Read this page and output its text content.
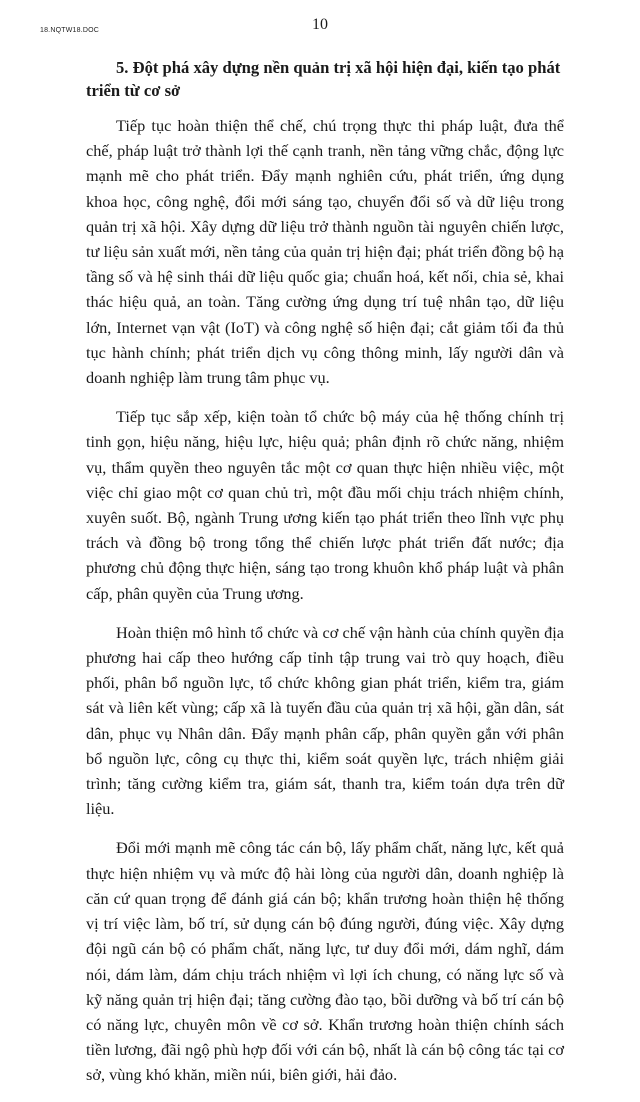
18.NQTW18.DOC	10

5. Đột phá xây dựng nền quản trị xã hội hiện đại, kiến tạo phát triển từ cơ sở

Tiếp tục hoàn thiện thể chế, chú trọng thực thi pháp luật, đưa thể chế, pháp luật trở thành lợi thế cạnh tranh, nền tảng vững chắc, động lực mạnh mẽ cho phát triển. Đẩy mạnh nghiên cứu, phát triển, ứng dụng khoa học, công nghệ, đổi mới sáng tạo, chuyển đổi số và dữ liệu trong quản trị xã hội. Xây dựng dữ liệu trở thành nguồn tài nguyên chiến lược, tư liệu sản xuất mới, nền tảng của quản trị hiện đại; phát triển đồng bộ hạ tầng số và hệ sinh thái dữ liệu quốc gia; chuẩn hoá, kết nối, chia sẻ, khai thác hiệu quả, an toàn. Tăng cường ứng dụng trí tuệ nhân tạo, dữ liệu lớn, Internet vạn vật (IoT) và công nghệ số hiện đại; cắt giảm tối đa thủ tục hành chính; phát triển dịch vụ công thông minh, lấy người dân và doanh nghiệp làm trung tâm phục vụ.

Tiếp tục sắp xếp, kiện toàn tổ chức bộ máy của hệ thống chính trị tinh gọn, hiệu năng, hiệu lực, hiệu quả; phân định rõ chức năng, nhiệm vụ, thẩm quyền theo nguyên tắc một cơ quan thực hiện nhiều việc, một việc chỉ giao một cơ quan chủ trì, một đầu mối chịu trách nhiệm chính, xuyên suốt. Bộ, ngành Trung ương kiến tạo phát triển theo lĩnh vực phụ trách và đồng bộ trong tổng thể chiến lược phát triển đất nước; địa phương chủ động thực hiện, sáng tạo trong khuôn khổ pháp luật và phân cấp, phân quyền của Trung ương.

Hoàn thiện mô hình tổ chức và cơ chế vận hành của chính quyền địa phương hai cấp theo hướng cấp tỉnh tập trung vai trò quy hoạch, điều phối, phân bổ nguồn lực, tổ chức không gian phát triển, kiểm tra, giám sát và liên kết vùng; cấp xã là tuyến đầu của quản trị xã hội, gần dân, sát dân, phục vụ Nhân dân. Đẩy mạnh phân cấp, phân quyền gắn với phân bổ nguồn lực, công cụ thực thi, kiểm soát quyền lực, trách nhiệm giải trình; tăng cường kiểm tra, giám sát, thanh tra, kiểm toán dựa trên dữ liệu.

Đổi mới mạnh mẽ công tác cán bộ, lấy phẩm chất, năng lực, kết quả thực hiện nhiệm vụ và mức độ hài lòng của người dân, doanh nghiệp là căn cứ quan trọng để đánh giá cán bộ; khẩn trương hoàn thiện hệ thống vị trí việc làm, bố trí, sử dụng cán bộ đúng người, đúng việc. Xây dựng đội ngũ cán bộ có phẩm chất, năng lực, tư duy đổi mới, dám nghĩ, dám nói, dám làm, dám chịu trách nhiệm vì lợi ích chung, có năng lực số và kỹ năng quản trị hiện đại; tăng cường đào tạo, bồi dưỡng và bố trí cán bộ có năng lực, chuyên môn về cơ sở. Khẩn trương hoàn thiện chính sách tiền lương, đãi ngộ phù hợp đối với cán bộ, nhất là cán bộ công tác tại cơ sở, vùng khó khăn, miền núi, biên giới, hải đảo.
